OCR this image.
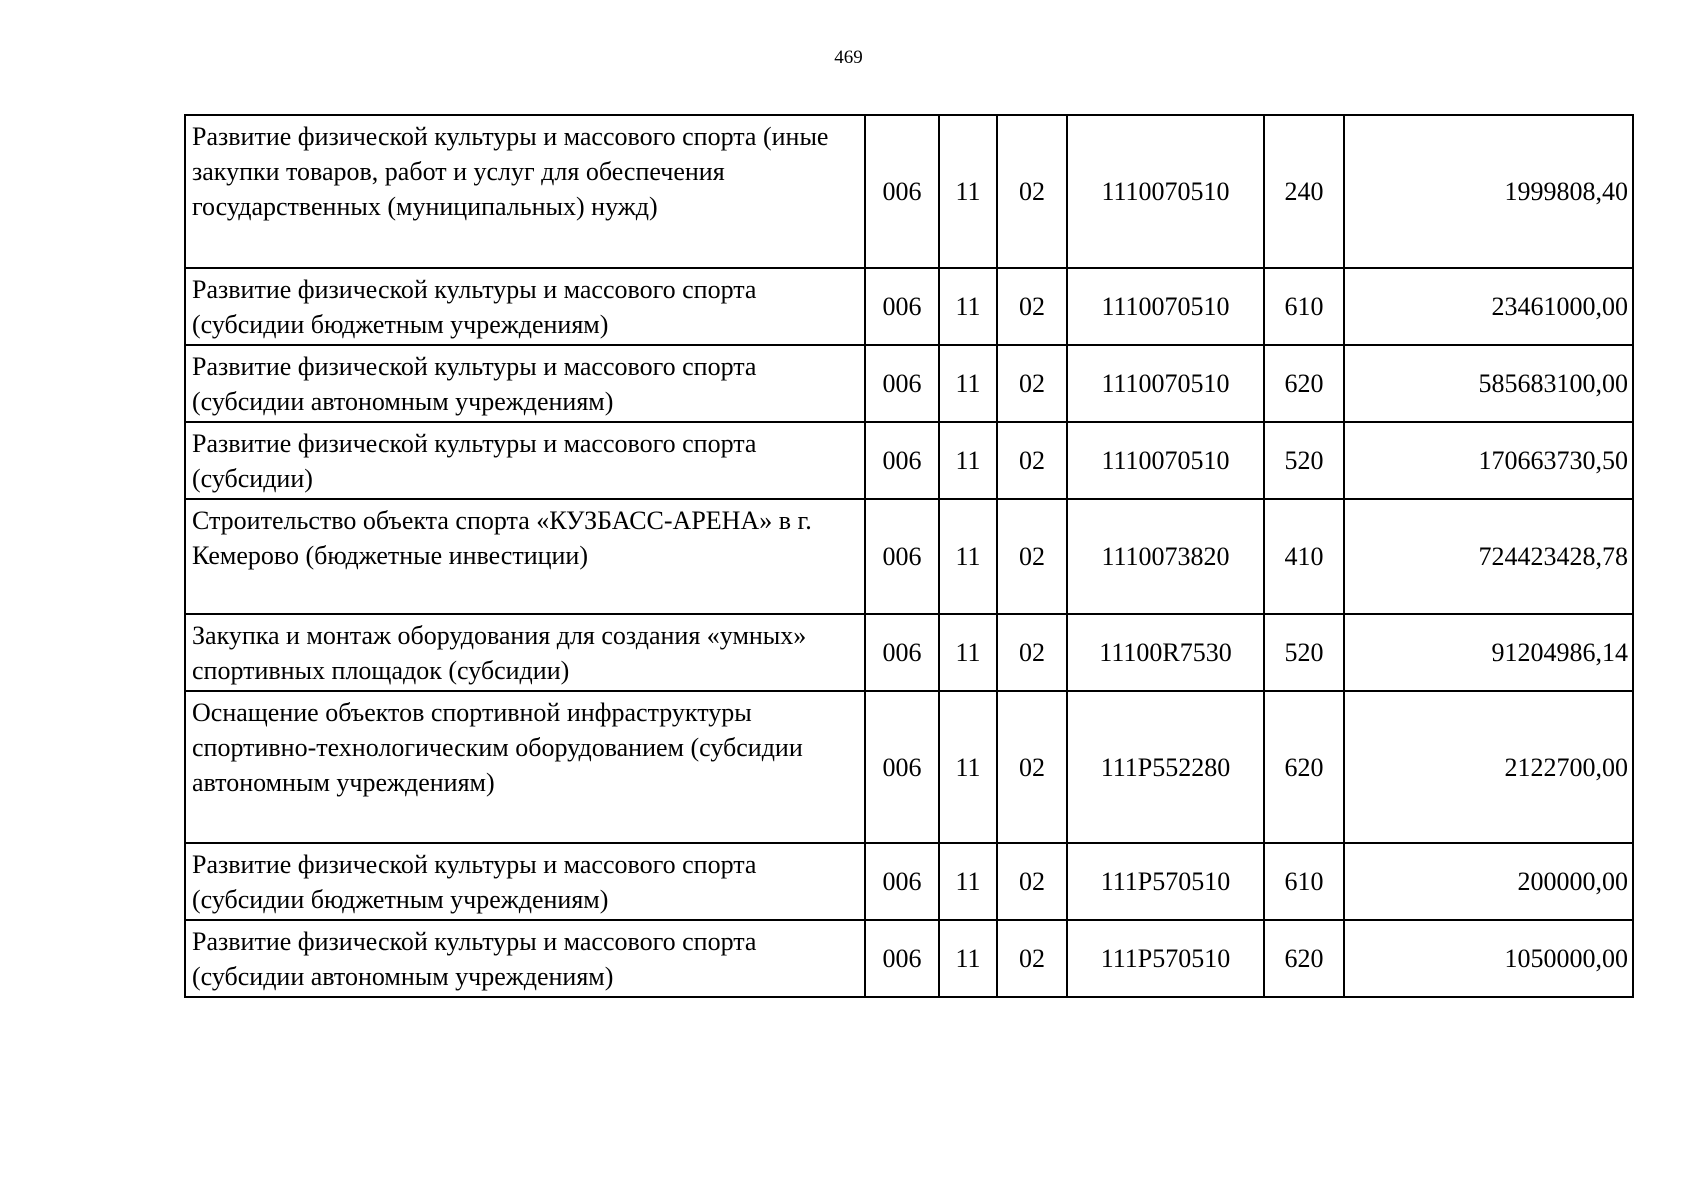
469
Развитие физической культуры и массового спорта (иные закупки товаров, работ и услуг для обеспечения государственных (муниципальных) нужд)	006	11	02	1110070510	240	1999808,40
Развитие физической культуры и массового спорта (субсидии бюджетным учреждениям)	006	11	02	1110070510	610	23461000,00
Развитие физической культуры и массового спорта (субсидии автономным учреждениям)	006	11	02	1110070510	620	585683100,00
Развитие физической культуры и массового спорта (субсидии)	006	11	02	1110070510	520	170663730,50
Строительство объекта спорта «КУЗБАСС-АРЕНА» в г. Кемерово (бюджетные инвестиции)	006	11	02	1110073820	410	724423428,78
Закупка и монтаж оборудования для создания «умных» спортивных площадок (субсидии)	006	11	02	11100R7530	520	91204986,14
Оснащение объектов спортивной инфраструктуры спортивно-технологическим оборудованием (субсидии автономным учреждениям)	006	11	02	111P552280	620	2122700,00
Развитие физической культуры и массового спорта (субсидии бюджетным учреждениям)	006	11	02	111P570510	610	200000,00
Развитие физической культуры и массового спорта (субсидии автономным учреждениям)	006	11	02	111P570510	620	1050000,00
